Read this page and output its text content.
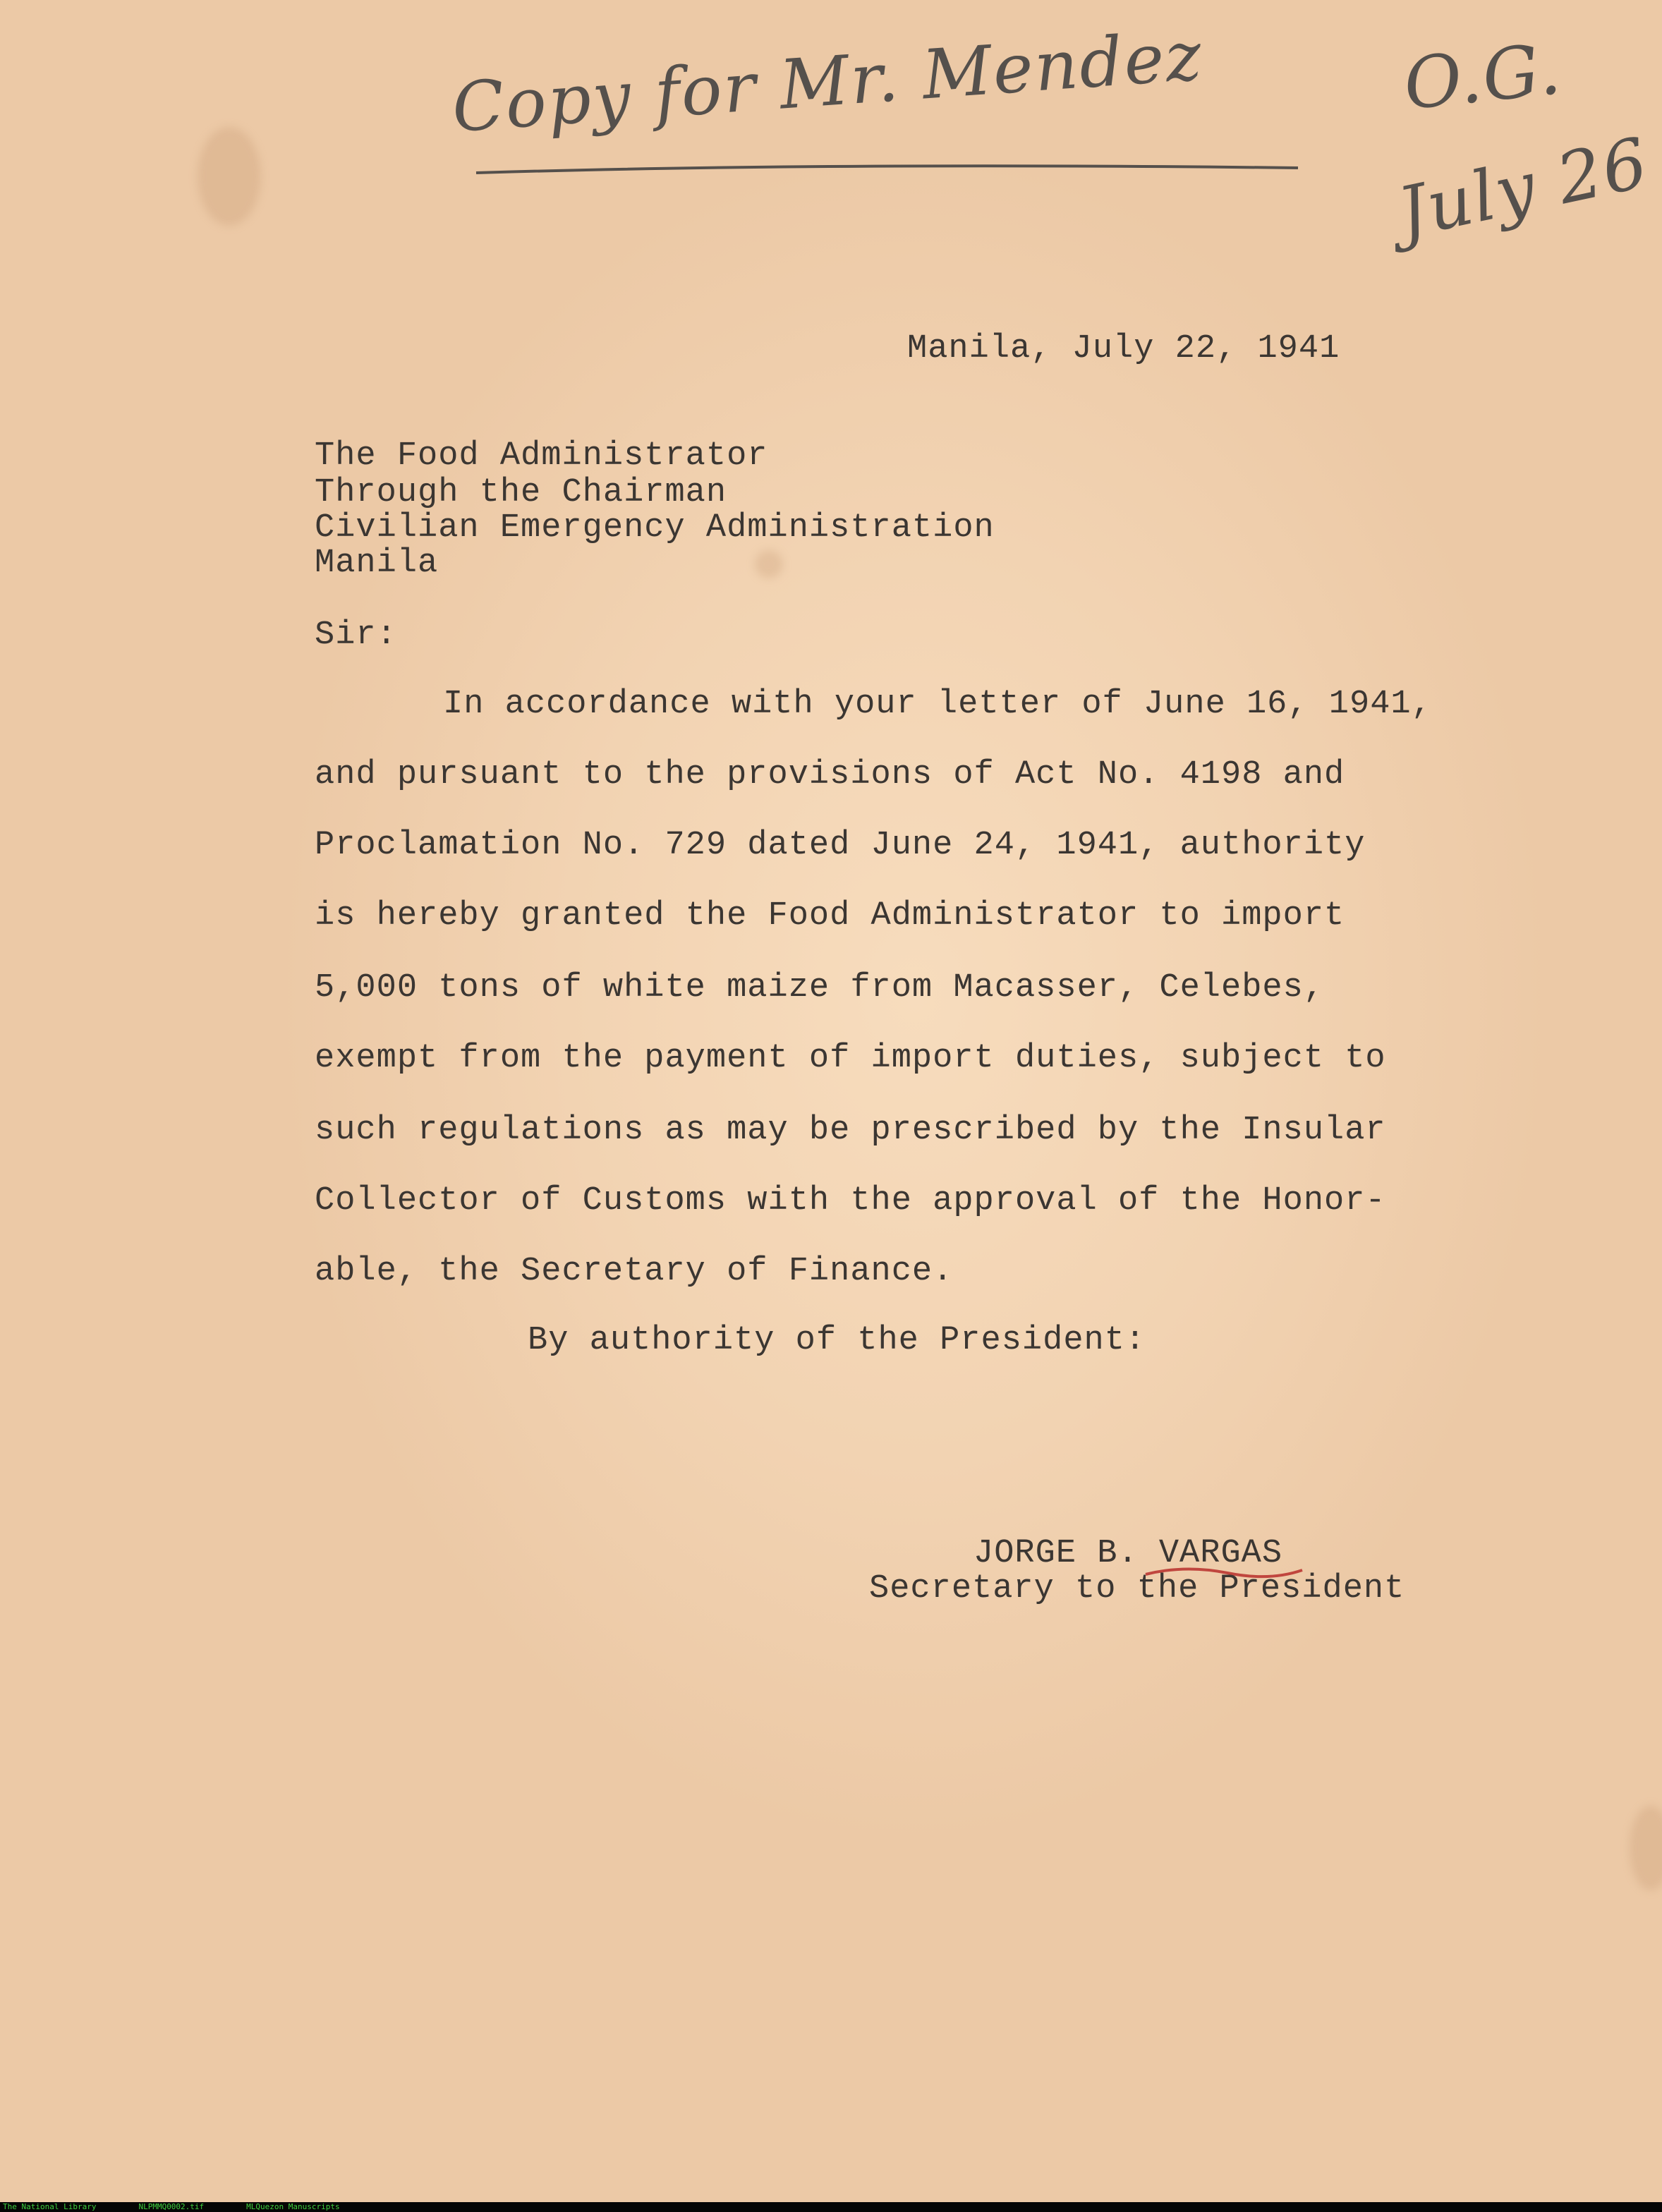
Copy for Mr. Mendez	O.G.
July 26
Manila, July 22, 1941
The Food Administrator
Through the Chairman
Civilian Emergency Administration
Manila
Sir:
In accordance with your letter of June 16, 1941,
and pursuant to the provisions of Act No. 4198 and
Proclamation No. 729 dated June 24, 1941, authority
is hereby granted the Food Administrator to import
5,000 tons of white maize from Macasser, Celebes,
exempt from the payment of import duties, subject to
such regulations as may be prescribed by the Insular
Collector of Customs with the approval of the Honor-
able, the Secretary of Finance.
By authority of the President:
JORGE B. VARGAS
Secretary to the President
The National Library	NLPMMQ0002.tif	MLQuezon Manuscripts
